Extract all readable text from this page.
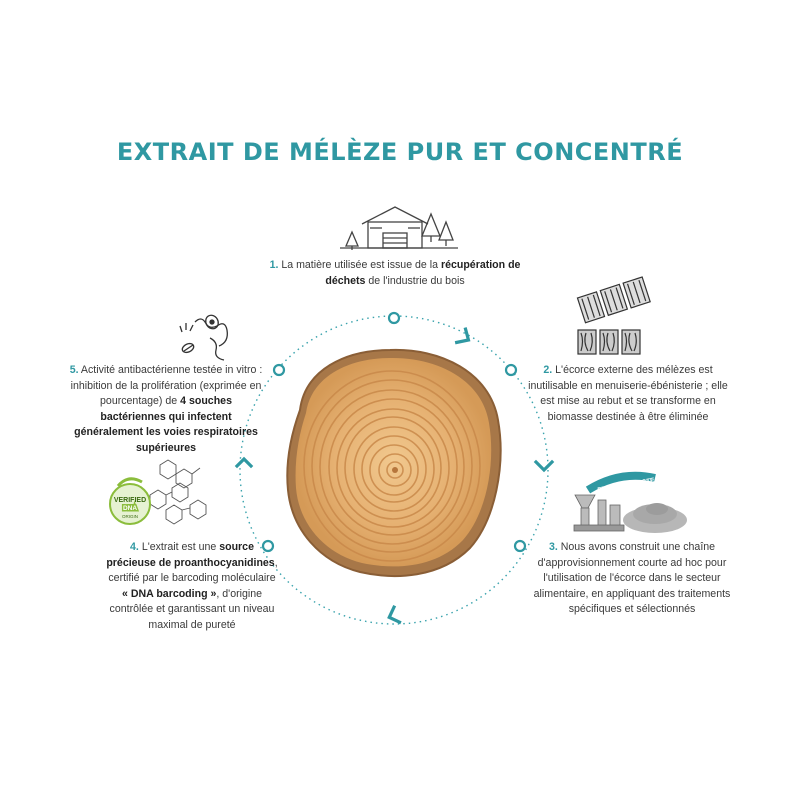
EXTRAIT DE MÉLÈZE PUR ET CONCENTRÉ
FROM BIO-WASTE TO
VERIFIED
DNA
ORIGIN
1. La matière utilisée est issue de la récupération de déchets de l'industrie du bois
2. L'écorce externe des mélèzes est inutilisable en menuiserie-ébénisterie ; elle est mise au rebut et se transforme en biomasse destinée à être éliminée
3. Nous avons construit une chaîne d'approvisionnement courte ad hoc pour l'utilisation de l'écorce dans le secteur alimentaire, en appliquant des traitements spécifiques et sélectionnés
4. L'extrait est une source précieuse de proanthocyanidines, certifié par le barcoding moléculaire « DNA barcoding », d'origine contrôlée et garantissant un niveau maximal de pureté
5. Activité antibactérienne testée in vitro : inhibition de la prolifération (exprimée en pourcentage) de 4 souches bactériennes qui infectent généralement les voies respiratoires supérieures
